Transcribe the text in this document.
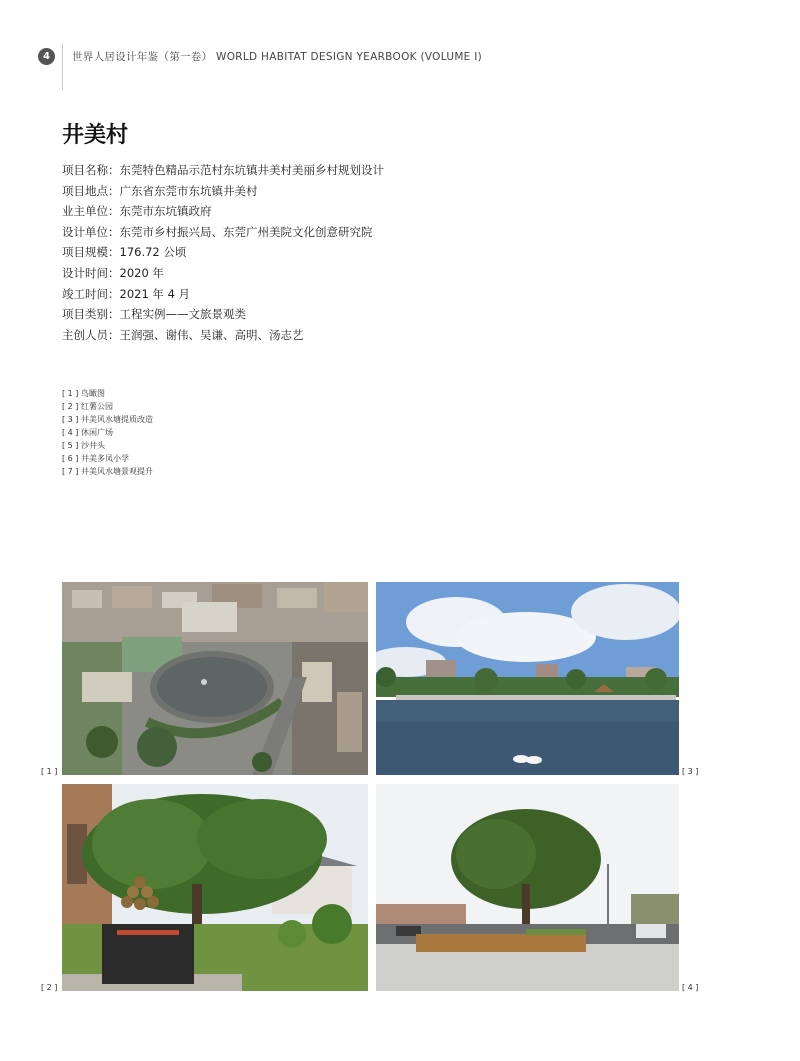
4	世界人居设计年鉴（第一卷） WORLD HABITAT DESIGN YEARBOOK (VOLUME Ⅰ)
井美村
项目名称：东莞特色精品示范村东坑镇井美村美丽乡村规划设计
项目地点：广东省东莞市东坑镇井美村
业主单位：东莞市东坑镇政府
设计单位：东莞市乡村振兴局、东莞广州美院文化创意研究院
项目规模：176.72 公顷
设计时间：2020 年
竣工时间：2021 年 4 月
项目类别：工程实例——文旅景观类
主创人员：王润强、谢伟、吴谦、高明、汤志艺
[ 1 ] 鸟瞰图
[ 2 ] 红薯公园
[ 3 ] 井美风水塘提质改造
[ 4 ] 休闲广场
[ 5 ] 沙井头
[ 6 ] 井美多凤小学
[ 7 ] 井美风水塘景观提升
[ 1 ]	[ 3 ]
[ 2 ]	[ 4 ]
